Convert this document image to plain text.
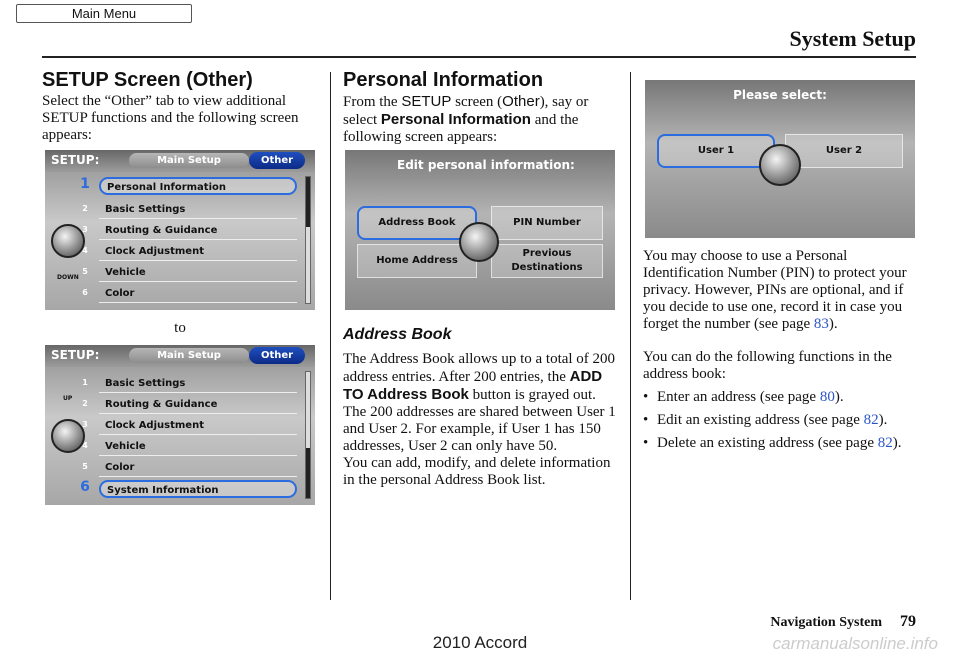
Main Menu
System Setup
SETUP Screen (Other)

Select the “Other” tab to view additional SETUP functions and the following screen appears:

SETUP:	Main Setup	Other
DOWN
1	Personal Information
2	Basic Settings
3	Routing & Guidance
4	Clock Adjustment
5	Vehicle
6	Color
to
SETUP:	Main Setup	Other
UP
1	Basic Settings
2	Routing & Guidance
3	Clock Adjustment
4	Vehicle
5	Color
6	System Information
Personal Information

From the SETUP screen (Other), say or select Personal Information and the following screen appears:

Edit personal information:
Address Book	PIN Number
Home Address
Previous Destinations
Address Book

The Address Book allows up to a total of 200 address entries. After 200 entries, the ADD TO Address Book button is grayed out. The 200 addresses are shared between User 1 and User 2. For example, if User 1 has 150 addresses, User 2 can only have 50.

You can add, modify, and delete information in the personal Address Book list.

Please select:
User 1	User 2

You may choose to use a Personal Identification Number (PIN) to protect your privacy. However, PINs are optional, and if you decide to use one, record it in case you forget the number (see page 83).

You can do the following functions in the address book:

• Enter an address (see page 80).
• Edit an existing address (see page 82).
• Delete an existing address (see page 82).
Navigation System 79
2010 Accord	carmanualsonline.info
